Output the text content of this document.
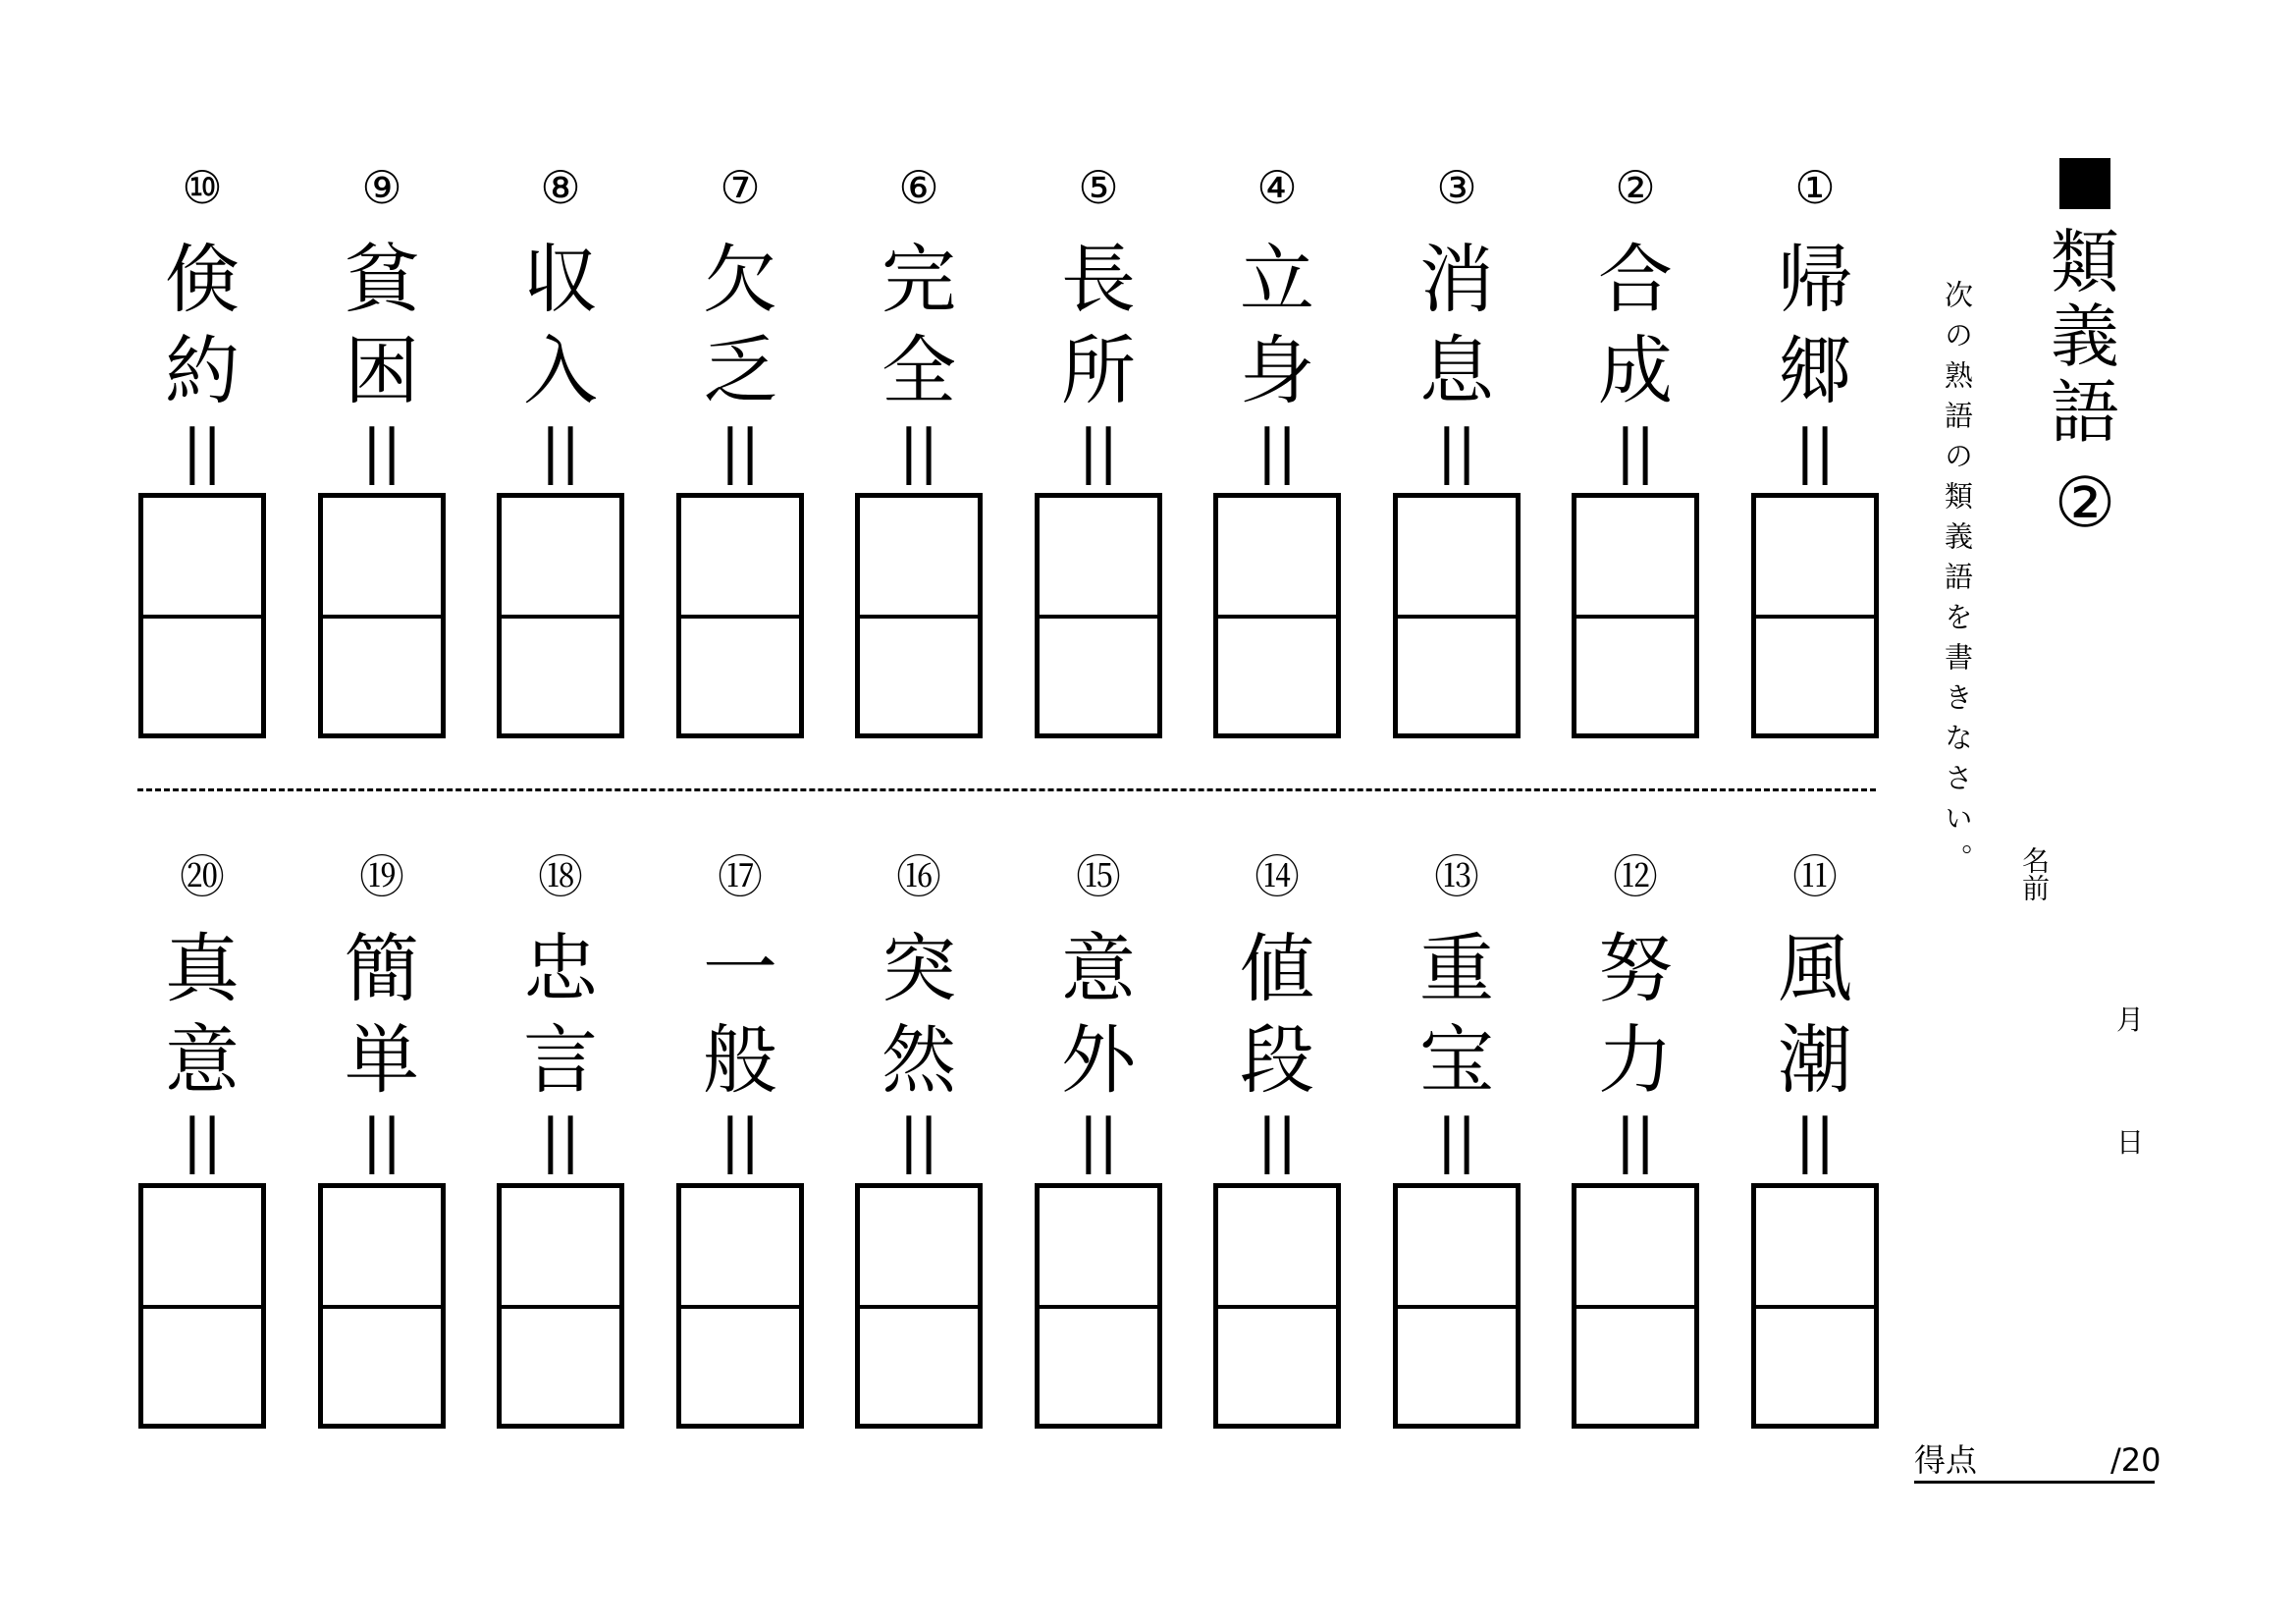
⑩
倹
約
||
⑨
貧
困
||
⑧
収
入
||
⑦
欠
乏
||
⑥
完
全
||
⑤
長
所
||
④
立
身
||
③
消
息
||
②
合
成
||
①
帰
郷
||
⑳
真
意
||
⑲
簡
単
||
⑱
忠
言
||
⑰
一
般
||
⑯
突
然
||
⑮
意
外
||
⑭
値
段
||
⑬
重
宝
||
⑫
努
力
||
⑪
風
潮
||
類
義
語
②
次の熟語の類義語を書きなさい。 名前
月
日
得点	/20
